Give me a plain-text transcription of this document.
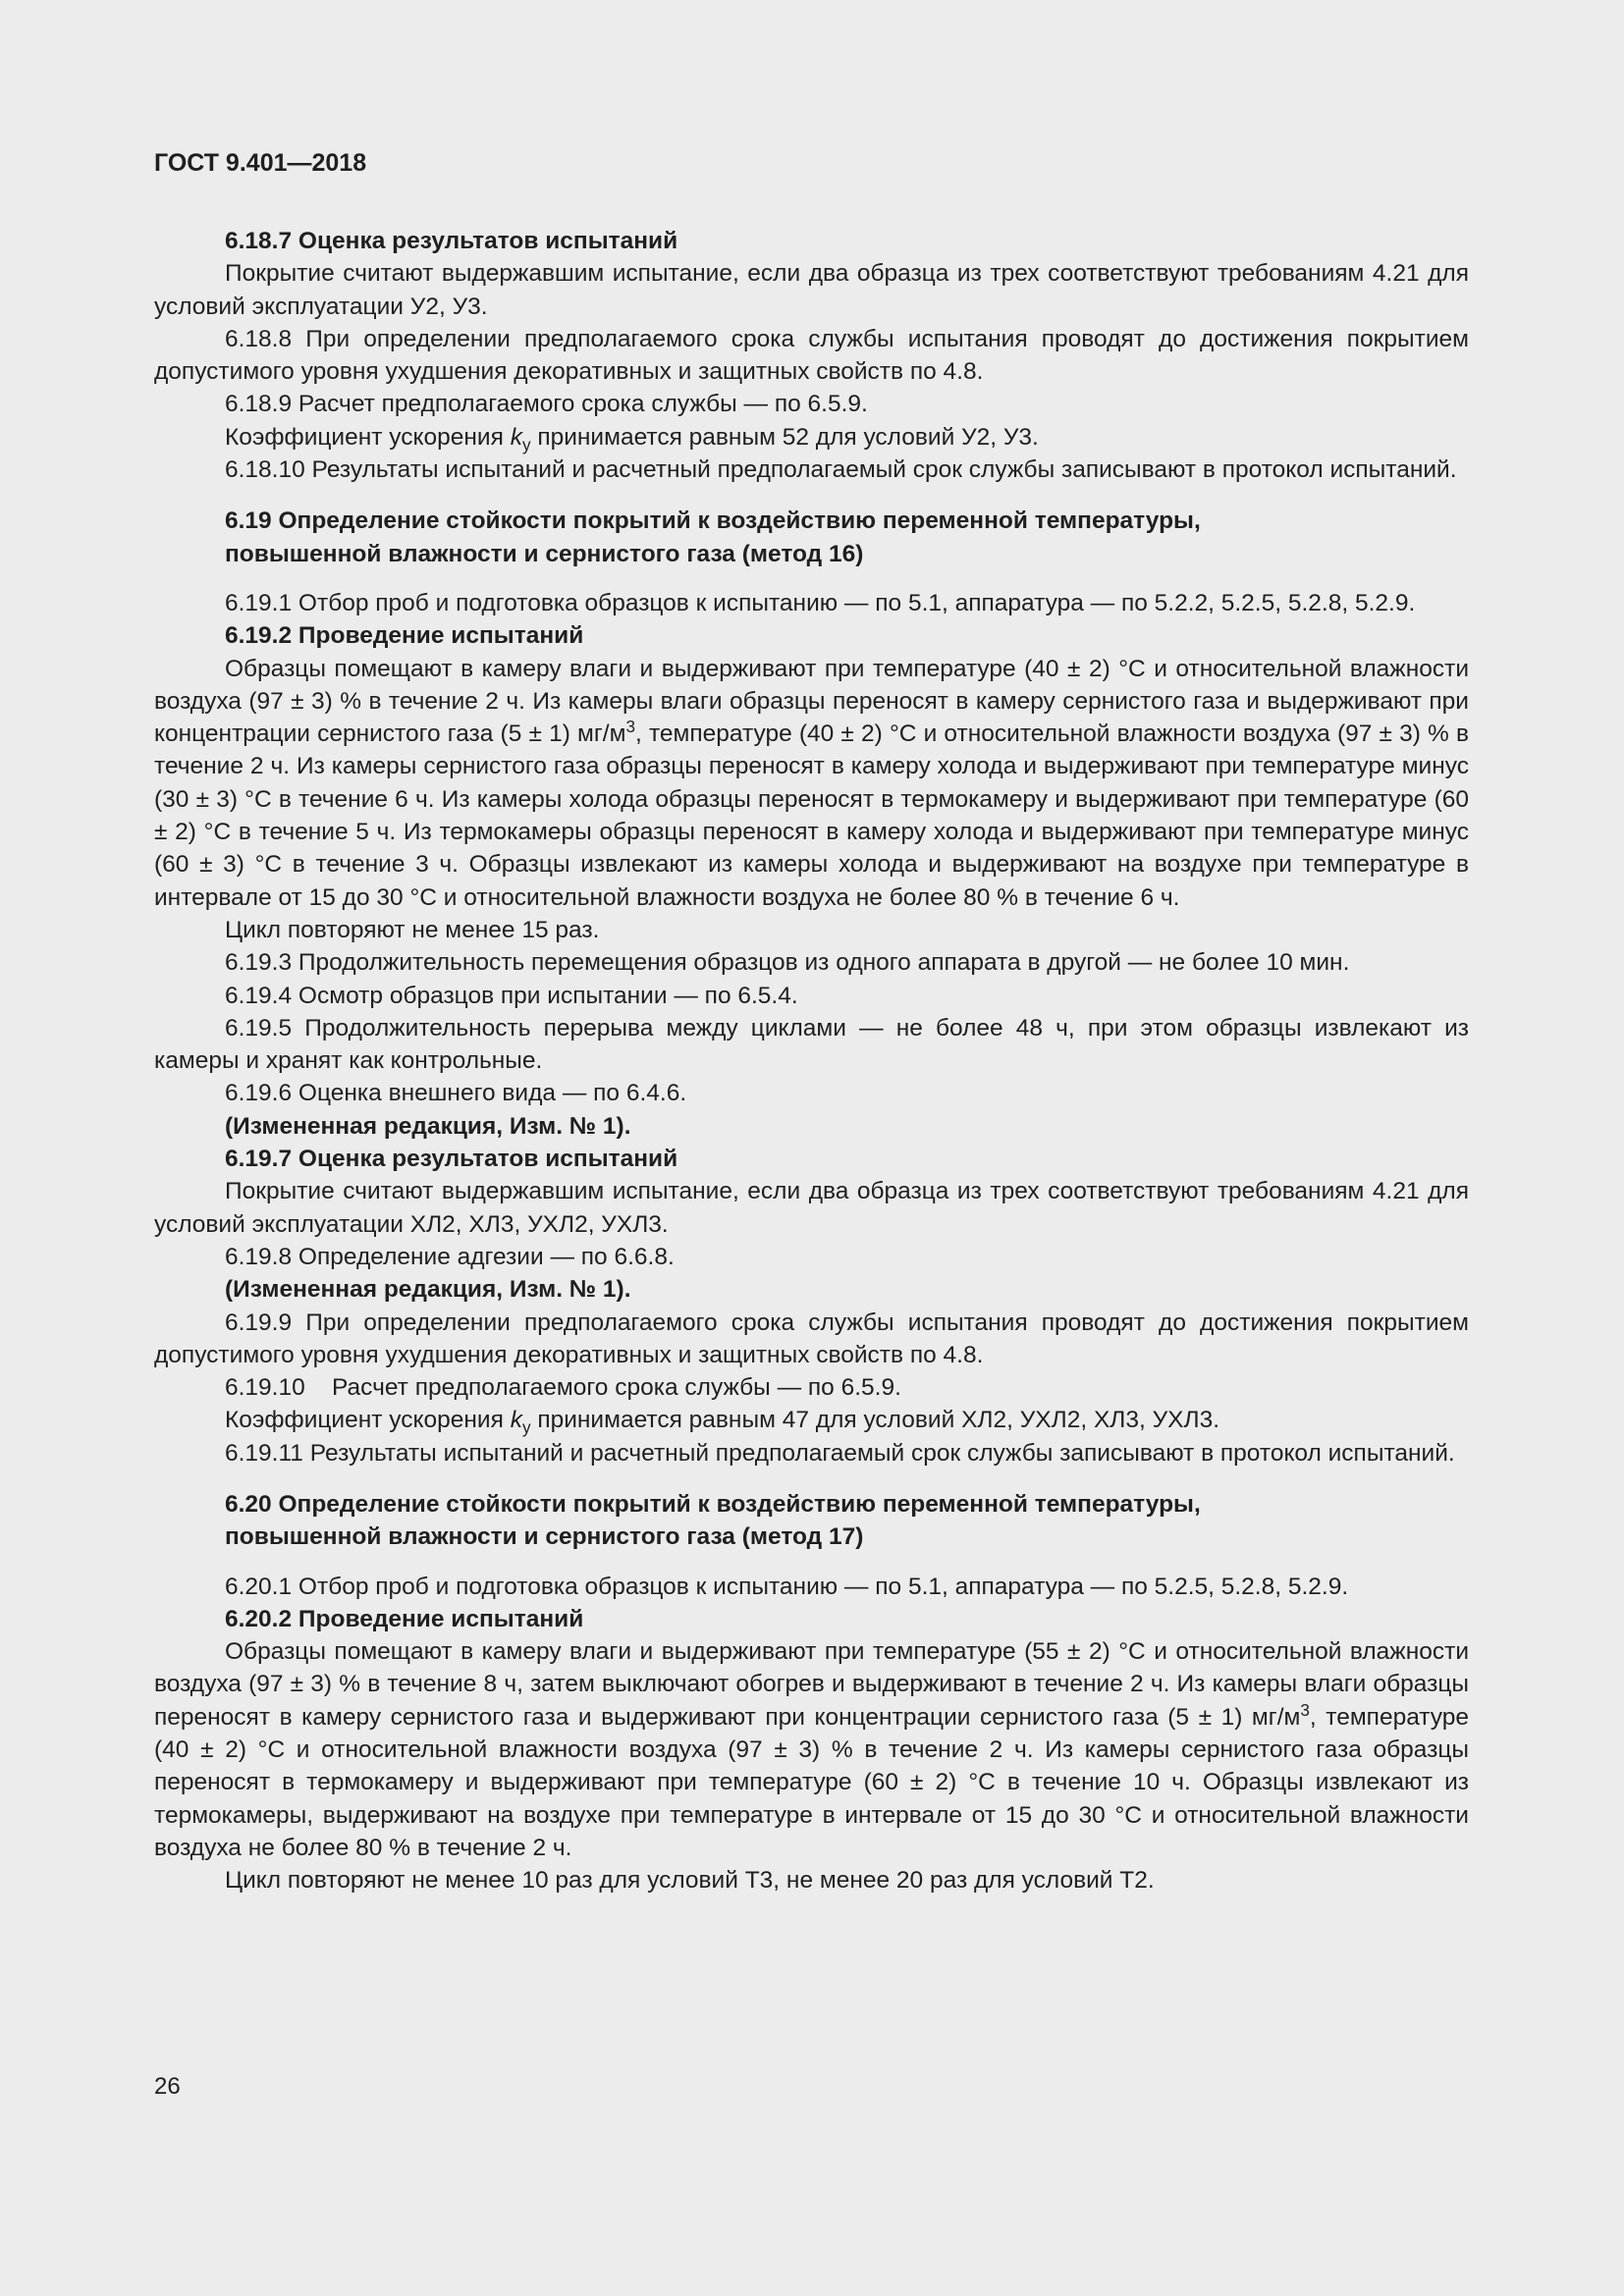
ГОСТ 9.401—2018

6.18.7 Оценка результатов испытаний

Покрытие считают выдержавшим испытание, если два образца из трех соответствуют требованиям 4.21 для условий эксплуатации У2, У3.

6.18.8 При определении предполагаемого срока службы испытания проводят до достижения покрытием допустимого уровня ухудшения декоративных и защитных свойств по 4.8.

6.18.9 Расчет предполагаемого срока службы — по 6.5.9.

Коэффициент ускорения $k_у$ принимается равным 52 для условий У2, У3.

6.18.10 Результаты испытаний и расчетный предполагаемый срок службы записывают в протокол испытаний.

6.19 Определение стойкости покрытий к воздействию переменной температуры,
повышенной влажности и сернистого газа (метод 16)

6.19.1 Отбор проб и подготовка образцов к испытанию — по 5.1, аппаратура — по 5.2.2, 5.2.5, 5.2.8, 5.2.9.

6.19.2 Проведение испытаний

Образцы помещают в камеру влаги и выдерживают при температуре (40 ± 2) °С и относительной влажности воздуха (97 ± 3) % в течение 2 ч. Из камеры влаги образцы переносят в камеру сернистого газа и выдерживают при концентрации сернистого газа (5 ± 1) $мг/м^3$, температуре (40 ± 2) °С и относительной влажности воздуха (97 ± 3) % в течение 2 ч. Из камеры сернистого газа образцы переносят в камеру холода и выдерживают при температуре минус (30 ± 3) °С в течение 6 ч. Из камеры холода образцы переносят в термокамеру и выдерживают при температуре (60 ± 2) °С в течение 5 ч. Из термокамеры образцы переносят в камеру холода и выдерживают при температуре минус (60 ± 3) °С в течение 3 ч. Образцы извлекают из камеры холода и выдерживают на воздухе при температуре в интервале от 15 до 30 °С и относительной влажности воздуха не более 80 % в течение 6 ч.

Цикл повторяют не менее 15 раз.

6.19.3 Продолжительность перемещения образцов из одного аппарата в другой — не более 10 мин.

6.19.4 Осмотр образцов при испытании — по 6.5.4.

6.19.5 Продолжительность перерыва между циклами — не более 48 ч, при этом образцы извлекают из камеры и хранят как контрольные.

6.19.6 Оценка внешнего вида — по 6.4.6.

(Измененная редакция, Изм. № 1).

6.19.7 Оценка результатов испытаний

Покрытие считают выдержавшим испытание, если два образца из трех соответствуют требованиям 4.21 для условий эксплуатации ХЛ2, ХЛ3, УХЛ2, УХЛ3.

6.19.8 Определение адгезии — по 6.6.8.

(Измененная редакция, Изм. № 1).

6.19.9 При определении предполагаемого срока службы испытания проводят до достижения покрытием допустимого уровня ухудшения декоративных и защитных свойств по 4.8.

6.19.10    Расчет предполагаемого срока службы — по 6.5.9.

Коэффициент ускорения $k_у$ принимается равным 47 для условий ХЛ2, УХЛ2, ХЛ3, УХЛ3.

6.19.11 Результаты испытаний и расчетный предполагаемый срок службы записывают в протокол испытаний.

6.20 Определение стойкости покрытий к воздействию переменной температуры,
повышенной влажности и сернистого газа (метод 17)

6.20.1 Отбор проб и подготовка образцов к испытанию — по 5.1, аппаратура — по 5.2.5, 5.2.8, 5.2.9.

6.20.2 Проведение испытаний

Образцы помещают в камеру влаги и выдерживают при температуре (55 ± 2) °С и относительной влажности воздуха (97 ± 3) % в течение 8 ч, затем выключают обогрев и выдерживают в течение 2 ч. Из камеры влаги образцы переносят в камеру сернистого газа и выдерживают при концентрации сернистого газа (5 ± 1) $мг/м^3$, температуре (40 ± 2) °С и относительной влажности воздуха (97 ± 3) % в течение 2 ч. Из камеры сернистого газа образцы переносят в термокамеру и выдерживают при температуре (60 ± 2) °С в течение 10 ч. Образцы извлекают из термокамеры, выдерживают на воздухе при температуре в интервале от 15 до 30 °С и относительной влажности воздуха не более 80 % в течение 2 ч.

Цикл повторяют не менее 10 раз для условий Т3, не менее 20 раз для условий Т2.

26
